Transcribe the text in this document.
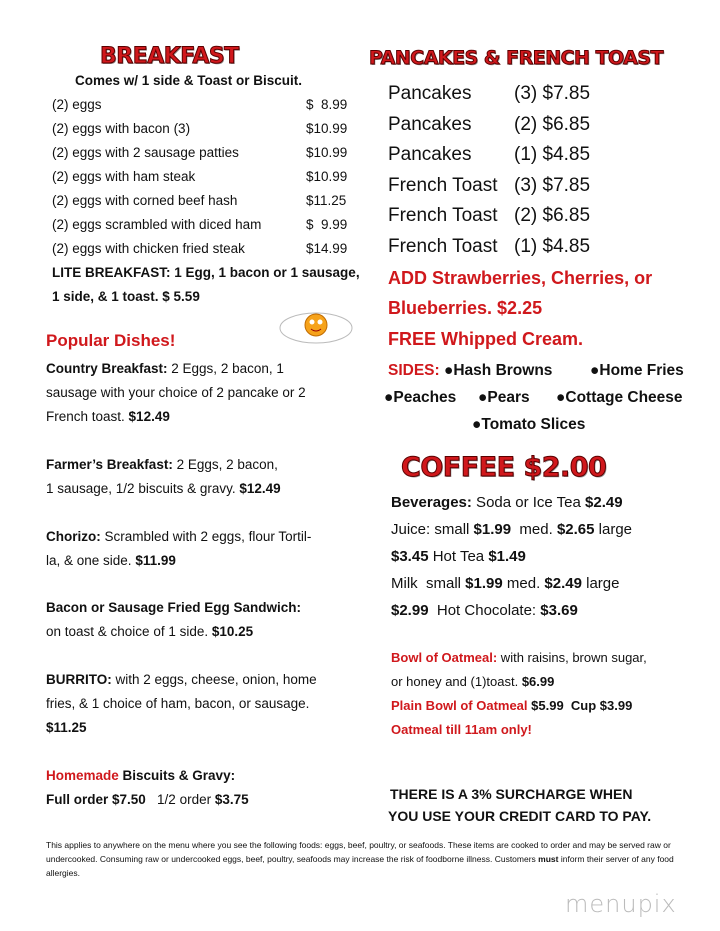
BREAKFAST
Comes w/ 1 side & Toast or Biscuit.
(2) eggs	$  8.99
(2) eggs with bacon (3)	$10.99
(2) eggs with 2 sausage patties	$10.99
(2) eggs with ham steak	$10.99
(2) eggs with corned beef hash	$11.25
(2) eggs scrambled with diced ham	$  9.99
(2) eggs with chicken fried steak	$14.99
LITE BREAKFAST: 1 Egg, 1 bacon or 1 sausage,
1 side, & 1 toast. $ 5.59
Popular Dishes!
Country Breakfast: 2 Eggs, 2 bacon, 1
sausage with your choice of 2 pancake or 2
French toast. $12.49
Farmer’s Breakfast: 2 Eggs, 2 bacon,
1 sausage, 1/2 biscuits & gravy. $12.49
Chorizo: Scrambled with 2 eggs, flour Tortil-
la, & one side. $11.99
Bacon or Sausage Fried Egg Sandwich:
on toast & choice of 1 side. $10.25
BURRITO: with 2 eggs, cheese, onion, home
fries, & 1 choice of ham, bacon, or sausage.
$11.25
Homemade Biscuits & Gravy:
Full order $7.50   1/2 order $3.75
PANCAKES & FRENCH TOAST
Pancakes (3) $7.85
Pancakes (2) $6.85
Pancakes (1) $4.85
French Toast (3) $7.85
French Toast (2) $6.85
French Toast (1) $4.85
ADD Strawberries, Cherries, or
Blueberries. $2.25
FREE Whipped Cream.
SIDES: ●Hash Browns ●Home Fries
●Peaches ●Pears ●Cottage Cheese
●Tomato Slices
COFFEE $2.00
Beverages: Soda or Ice Tea $2.49
Juice: small $1.99  med. $2.65 large
$3.45 Hot Tea $1.49
Milk  small $1.99 med. $2.49 large
$2.99  Hot Chocolate: $3.69
Bowl of Oatmeal: with raisins, brown sugar,
or honey and (1)toast. $6.99
Plain Bowl of Oatmeal $5.99  Cup $3.99
Oatmeal till 11am only!
THERE IS A 3% SURCHARGE WHEN
YOU USE YOUR CREDIT CARD TO PAY.
This applies to anywhere on the menu where you see the following foods: eggs, beef, poultry, or seafoods. These items are cooked to order and may be served raw or undercooked. Consuming raw or undercooked eggs, beef, poultry, seafoods may increase the risk of foodborne illness. Customers must inform their server of any food allergies.
menupix
